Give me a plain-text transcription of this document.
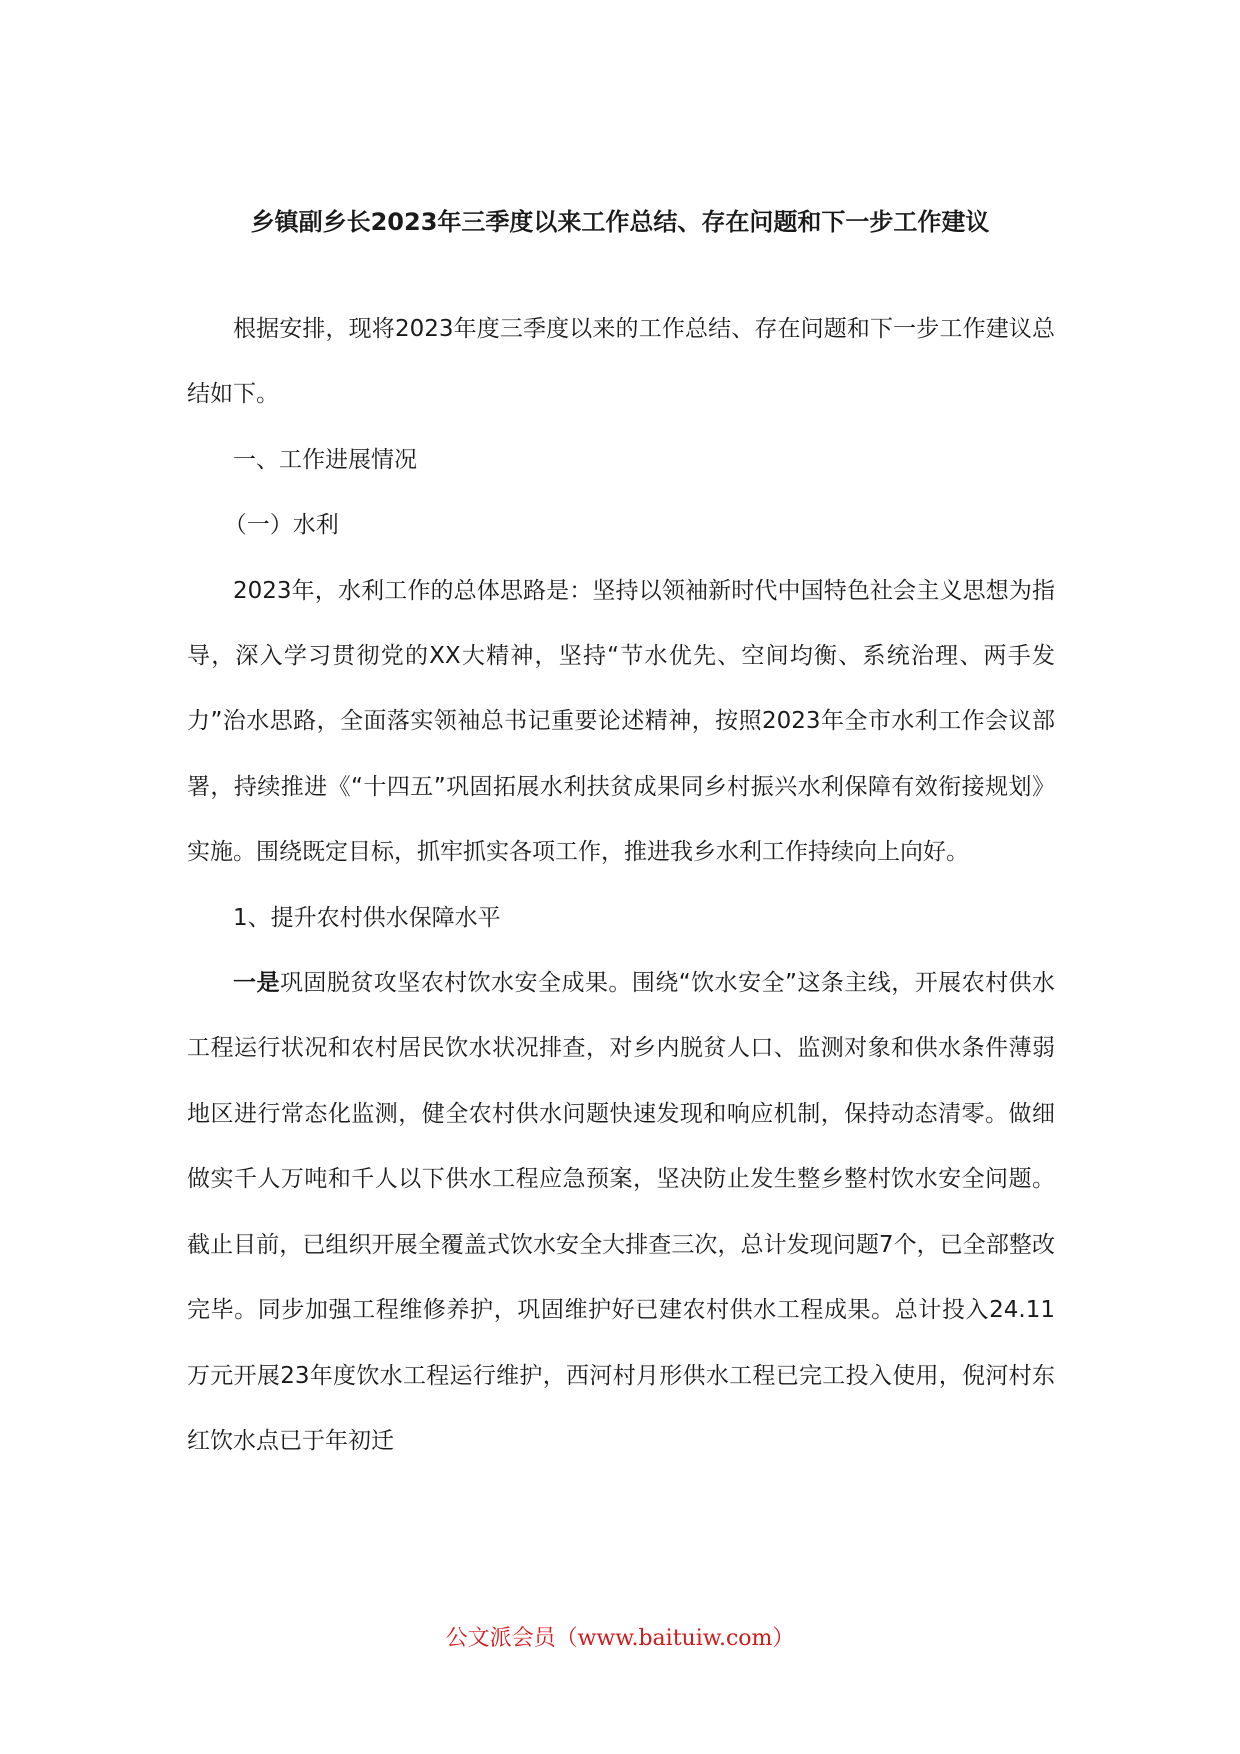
乡镇副乡长2023年三季度以来工作总结、存在问题和下一步工作建议

根据安排，现将2023年度三季度以来的工作总结、存在问题和下一步工作建议总结如下。

一、工作进展情况

（一）水利

2023年，水利工作的总体思路是：坚持以领袖新时代中国特色社会主义思想为指导，深入学习贯彻党的XX大精神，坚持“节水优先、空间均衡、系统治理、两手发力”治水思路，全面落实领袖总书记重要论述精神，按照2023年全市水利工作会议部署，持续推进《“十四五”巩固拓展水利扶贫成果同乡村振兴水利保障有效衔接规划》实施。围绕既定目标，抓牢抓实各项工作，推进我乡水利工作持续向上向好。

1、提升农村供水保障水平

一是巩固脱贫攻坚农村饮水安全成果。围绕“饮水安全”这条主线，开展农村供水工程运行状况和农村居民饮水状况排查，对乡内脱贫人口、监测对象和供水条件薄弱地区进行常态化监测，健全农村供水问题快速发现和响应机制，保持动态清零。做细做实千人万吨和千人以下供水工程应急预案，坚决防止发生整乡整村饮水安全问题。截止目前，已组织开展全覆盖式饮水安全大排查三次，总计发现问题7个，已全部整改完毕。同步加强工程维修养护，巩固维护好已建农村供水工程成果。总计投入24.11万元开展23年度饮水工程运行维护，西河村月形供水工程已完工投入使用，倪河村东红饮水点已于年初迁

公文派会员（www.baituiw.com）
